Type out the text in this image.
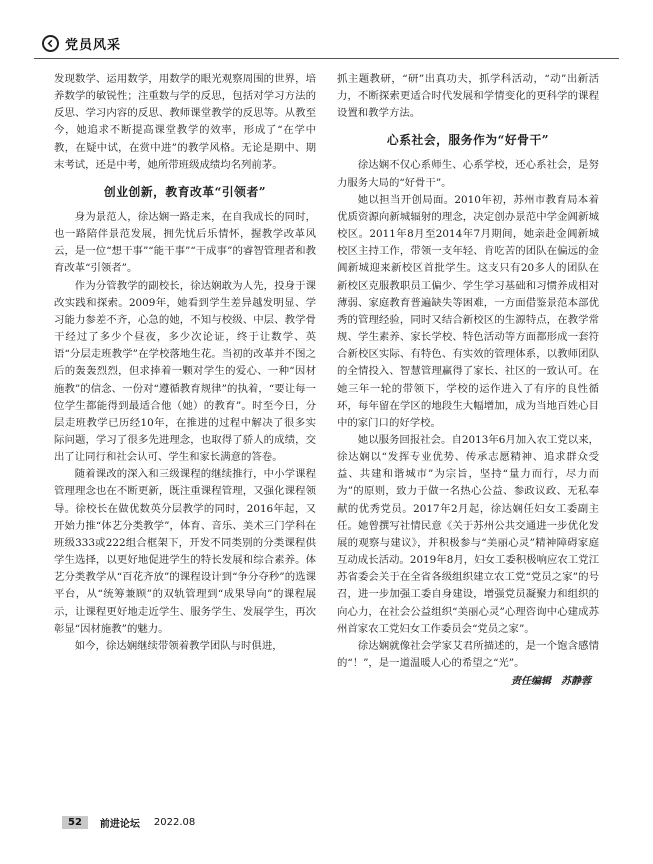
党员风采

发现数学、运用数学，用数学的眼光观察周围的世界，培养数学的敏锐性；注重数与学的反思，包括对学习方法的反思、学习内容的反思、教师课堂教学的反思等。从教至今，她追求不断提高课堂教学的效率，形成了“在学中教，在疑中试，在赏中进”的教学风格。无论是期中、期末考试，还是中考，她所带班级成绩均名列前茅。

创业创新，教育改革“引领者”

身为景范人，徐达娴一路走来，在自我成长的同时，也一路陪伴景范发展，拥先忧后乐情怀，握教学改革风云，是一位“想干事”“能干事”“干成事”的睿智管理者和教育改革“引领者”。

作为分管教学的副校长，徐达娴敢为人先，投身于课改实践和探索。2009年，她看到学生差异越发明显、学习能力参差不齐，心急的她，不知与校级、中层、教学骨干经过了多少个昼夜，多少次论证，终于让数学、英语“分层走班教学”在学校落地生花。当初的改革并不图之后的轰轰烈烈，但求捧着一颗对学生的爱心、一种“因材施教”的信念、一份对“遵循教育规律”的执着，“要让每一位学生都能得到最适合他（她）的教育”。时至今日，分层走班教学已历经10年，在推进的过程中解决了很多实际问题，学习了很多先进理念，也取得了骄人的成绩，交出了让同行和社会认可、学生和家长满意的答卷。

随着课改的深入和三级课程的继续推行，中小学课程管理理念也在不断更新，既注重课程管理，又强化课程领导。徐校长在做优数英分层教学的同时，2016年起，又开始力推“体艺分类教学”，体育、音乐、美术三门学科在班级333或222组合框架下，开发不同类别的分类课程供学生选择，以更好地促进学生的特长发展和综合素养。体艺分类教学从“百花齐放”的课程设计到“争分夺秒”的选课平台，从“统筹兼顾”的双轨管理到“成果导向”的课程展示，让课程更好地走近学生、服务学生、发展学生，再次彰显“因材施教”的魅力。

如今，徐达娴继续带领着教学团队与时俱进，

抓主题教研，“研”出真功夫，抓学科活动，“动”出新活力，不断探索更适合时代发展和学情变化的更科学的课程设置和教学方法。

心系社会，服务作为“好骨干”

徐达娴不仅心系师生、心系学校，还心系社会，是努力服务大局的“好骨干”。

她以担当开创局面。2010年初，苏州市教育局本着优质资源向新城辐射的理念，决定创办景范中学金阊新城校区。2011年8月至2014年7月期间，她亲赴金阊新城校区主持工作，带领一支年轻、肯吃苦的团队在偏远的金阊新城迎来新校区首批学生。这支只有20多人的团队在新校区克服教职员工偏少、学生学习基础和习惯养成相对薄弱、家庭教育普遍缺失等困难，一方面借鉴景范本部优秀的管理经验，同时又结合新校区的生源特点，在教学常规、学生素养、家长学校、特色活动等方面都形成一套符合新校区实际、有特色、有实效的管理体系，以教师团队的全情投入、智慧管理赢得了家长、社区的一致认可。在她三年一轮的带领下，学校的运作进入了有序的良性循环，每年留在学区的地段生大幅增加，成为当地百姓心目中的家门口的好学校。

她以服务回报社会。自2013年6月加入农工党以来，徐达娴以“发挥专业优势、传承志愿精神、追求群众受益、共建和谐城市”为宗旨，坚持“量力而行，尽力而为”的原则，致力于做一名热心公益、参政议政、无私奉献的优秀党员。2017年2月起，徐达娴任妇女工委副主任。她曾撰写社情民意《关于苏州公共交通进一步优化发展的观察与建议》，并积极参与“美丽心灵”精神障碍家庭互动成长活动。2019年8月，妇女工委积极响应农工党江苏省委会关于在全省各级组织建立农工党“党员之家”的号召，进一步加强工委自身建设，增强党员凝聚力和组织的向心力，在社会公益组织“美丽心灵”心理咨询中心建成苏州首家农工党妇女工作委员会“党员之家”。

徐达娴就像社会学家艾君所描述的，是一个饱含感情的“！”，是一道温暖人心的希望之“光”。

责任编辑　苏静蓉
52	前进论坛 2022.08
